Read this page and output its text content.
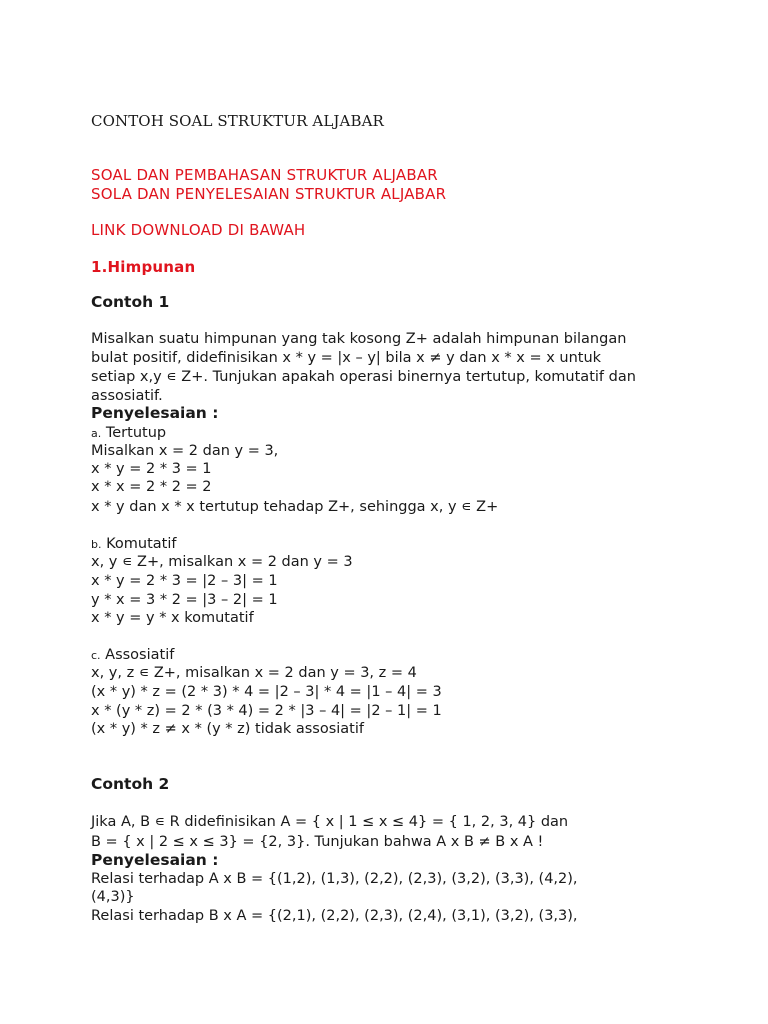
CONTOH SOAL STRUKTUR ALJABAR
SOAL DAN PEMBAHASAN STRUKTUR ALJABAR
SOLA DAN PENYELESAIAN STRUKTUR ALJABAR
LINK DOWNLOAD DI BAWAH
1.Himpunan
Contoh 1
Misalkan suatu himpunan yang tak kosong Z+ adalah himpunan bilangan
bulat positif, didefinisikan x * y = |x – y| bila x ≠ y dan x * x = x untuk
setiap x,y ∊ Z+. Tunjukan apakah operasi binernya tertutup, komutatif dan
assosiatif.
Penyelesaian :
a. Tertutup
Misalkan x = 2 dan y = 3,
x * y = 2 * 3 = 1
x * x = 2 * 2 = 2
x * y dan x * x tertutup tehadap Z+, sehingga x, y ∊ Z+
b. Komutatif
x, y ∊ Z+, misalkan x = 2 dan y = 3
x * y = 2 * 3 = |2 – 3| = 1
y * x = 3 * 2 = |3 – 2| = 1
x * y = y * x komutatif
c. Assosiatif
x, y, z ∊ Z+, misalkan x = 2 dan y = 3, z = 4
(x * y) * z = (2 * 3) * 4 = |2 – 3| * 4 = |1 – 4| = 3
x * (y * z) = 2 * (3 * 4) = 2 * |3 – 4| = |2 – 1| = 1
(x * y) * z ≠ x * (y * z) tidak assosiatif
Contoh 2
Jika A, B ∊ R didefinisikan A = { x | 1 ≤ x ≤ 4} = { 1, 2, 3, 4} dan
B = { x | 2 ≤ x ≤ 3} = {2, 3}. Tunjukan bahwa A x B ≠ B x A !
Penyelesaian :
Relasi terhadap A x B = {(1,2), (1,3), (2,2), (2,3), (3,2), (3,3), (4,2),
(4,3)}
Relasi terhadap B x A = {(2,1), (2,2), (2,3), (2,4), (3,1), (3,2), (3,3),
